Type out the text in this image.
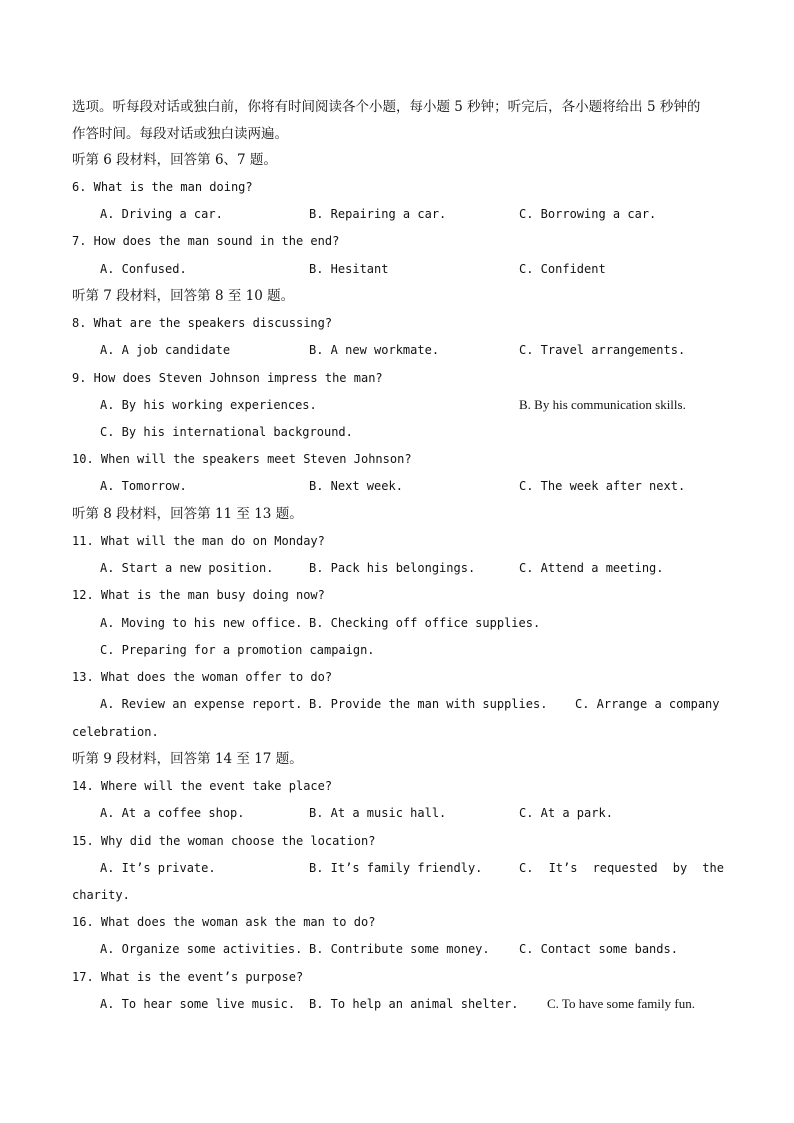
选项。听每段对话或独白前，你将有时间阅读各个小题，每小题 5 秒钟；听完后，各小题将给出 5 秒钟的
作答时间。每段对话或独白读两遍。
听第 6 段材料，回答第 6、7 题。
6. What is the man doing?
A. Driving a car.	B. Repairing a car.	C. Borrowing a car.
7. How does the man sound in the end?
A. Confused.	B. Hesitant	C. Confident
听第 7 段材料，回答第 8 至 10 题。
8. What are the speakers discussing?
A. A job candidate	B. A new workmate.	C. Travel arrangements.
9. How does Steven Johnson impress the man?
A. By his working experiences.	B. By his communication skills.
C. By his international background.
10. When will the speakers meet Steven Johnson?
A. Tomorrow.	B. Next week.	C. The week after next.
听第 8 段材料，回答第 11 至 13 题。
11. What will the man do on Monday?
A. Start a new position.	B. Pack his belongings.	C. Attend a meeting.
12. What is the man busy doing now?
A. Moving to his new office. B. Checking off office supplies.
C. Preparing for a promotion campaign.
13. What does the woman offer to do?
A. Review an expense report. B. Provide the man with supplies. C. Arrange a company
celebration.
听第 9 段材料，回答第 14 至 17 题。
14. Where will the event take place?
A. At a coffee shop.	B. At a music hall.	C. At a park.
15. Why did the woman choose the location?
A. It’s private.	B. It’s family friendly.	C. It’s requested by the
charity.
16. What does the woman ask the man to do?
A. Organize some activities. B. Contribute some money. C. Contact some bands.
17. What is the event’s purpose?
A. To hear some live music. B. To help an animal shelter. C. To have some family fun.
